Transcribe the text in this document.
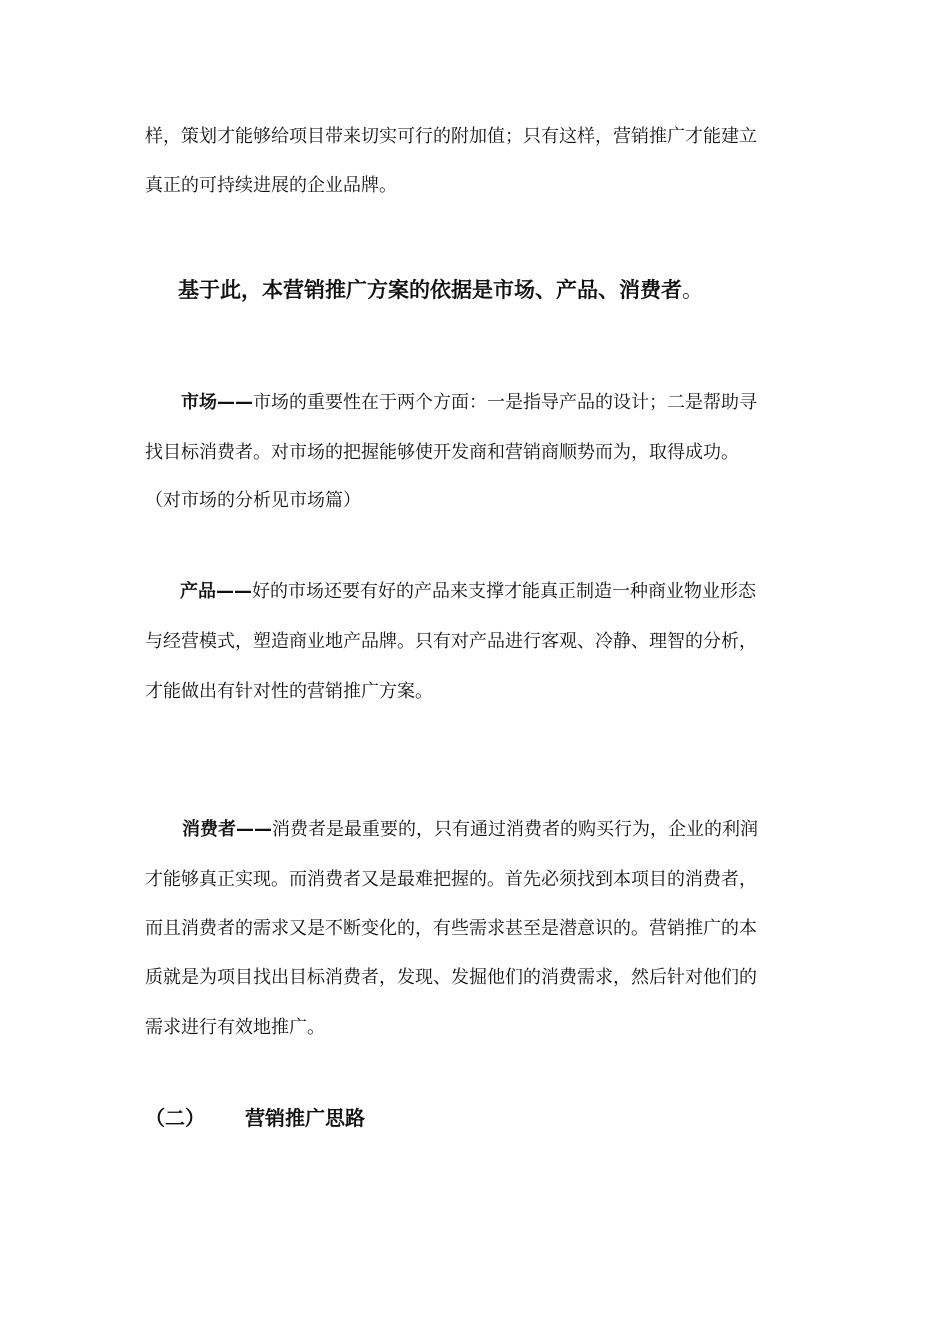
样，策划才能够给项目带来切实可行的附加值；只有这样，营销推广才能建立
真正的可持续进展的企业品牌。
基于此，本营销推广方案的依据是市场、产品、消费者。
市场——市场的重要性在于两个方面：一是指导产品的设计；二是帮助寻
找目标消费者。对市场的把握能够使开发商和营销商顺势而为，取得成功。
（对市场的分析见市场篇）
产品——好的市场还要有好的产品来支撑才能真正制造一种商业物业形态
与经营模式，塑造商业地产品牌。只有对产品进行客观、冷静、理智的分析，
才能做出有针对性的营销推广方案。
消费者——消费者是最重要的，只有通过消费者的购买行为，企业的利润
才能够真正实现。而消费者又是最难把握的。首先必须找到本项目的消费者，
而且消费者的需求又是不断变化的，有些需求甚至是潜意识的。营销推广的本
质就是为项目找出目标消费者，发现、发掘他们的消费需求，然后针对他们的
需求进行有效地推广。
（二） 营销推广思路
